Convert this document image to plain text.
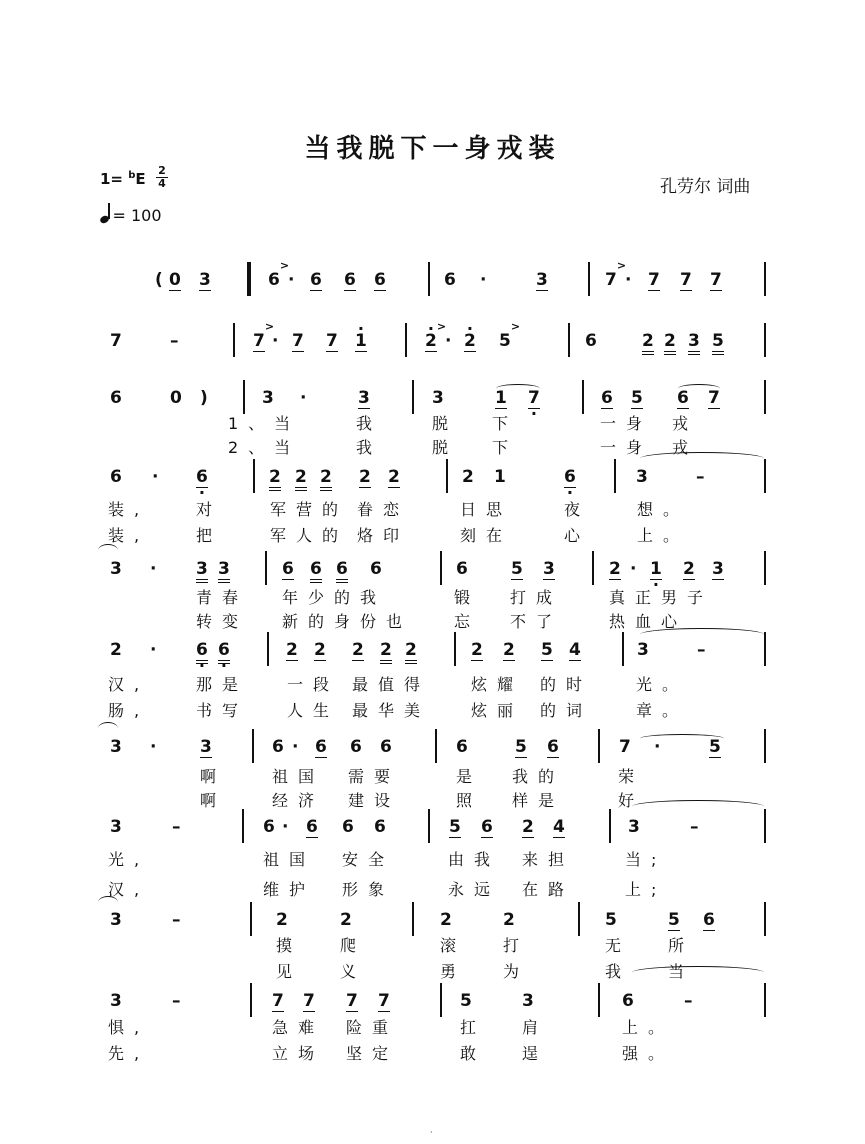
当我脱下一身戎装
1= $^b$E 2
4
= 100
孔劳尔 词曲
( 0 3	6
>
· 6 6 6	6 ·	3	7
>
· 7 7 7
7	–	7
>
· 7 7 · 1	· 2
>
· · 2 5
>
6	2 2 3 5
6	0 )	3 ·	3	3	1 7 ·	6 5 6 7
6 · 6 ·	2 2 2 2 2	2 1	6 ·	3	–
3 · 3 3	6 6 6 6	6	5 3	2 · 1 · 2 3
2 · 6 · 6 ·	2 2 2 2 2	2 2 5 4	3	–
3 ·	3	6 · 6 6 6	6	5 6	7 ·	5
3	–	6 · 6 6 6	5 6 2 4	3	–
3	–	2	2	2	2	5	5 6
3	–	7 7 7 7	5	3	6	–
1、当	我	脱	下	一身 戎
2、当	我	脱	下	一身 戎
装,	对	军营的 眷恋	日思	夜	想。
装,	把	军人的 烙印	刻在	心	上。
青春 年少的我	锻 打成	真正男子
转变 新的身份也	忘 不了	热血心
汉,	那是 一段 最值得	炫耀 的时	光。
肠,	书写 人生 最华美	炫丽 的词	章。
啊	祖国 需要	是 我的	荣
啊	经济 建设	照 样是	好
光,	祖国 安全	由我 来担	当;
汉,	维护 形象	永远 在路	上;
摸	爬	滚	打	无	所
见	义	勇	为	我	当
惧,	急难 险重	扛	肩	上。
先,	立场 坚定	敢	逞	强。
·
